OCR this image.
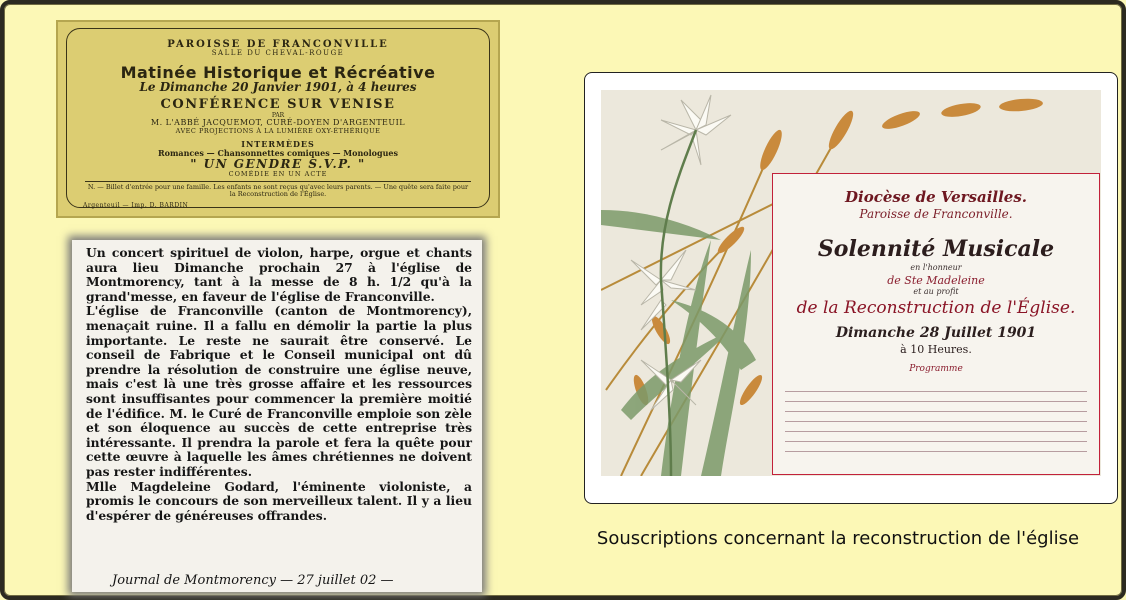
PAROISSE DE FRANCONVILLE
SALLE DU CHEVAL-ROUGE
Matinée Historique et Récréative
Le Dimanche 20 Janvier 1901, à 4 heures
CONFÉRENCE SUR VENISE
PAR
M. L'ABBÉ JACQUEMOT, CURÉ-DOYEN D'ARGENTEUIL
AVEC PROJECTIONS À LA LUMIÈRE OXY-ÉTHÉRIQUE
INTERMÈDES
Romances — Chansonnettes comiques — Monologues
" UN GENDRE S.V.P. "
COMÉDIE EN UN ACTE
N. — Billet d'entrée pour une famille. Les enfants ne sont reçus qu'avec leurs parents. — Une quête sera faite pour la Reconstruction de l'Église.
Argenteuil — Imp. D. BARDIN
Un concert spirituel de violon, harpe, orgue et chants aura lieu Dimanche prochain 27 à l'église de Montmorency, tant à la messe de 8 h. 1/2 qu'à la grand'messe, en faveur de l'église de Franconville.
L'église de Franconville (canton de Montmorency), menaçait ruine. Il a fallu en démolir la partie la plus importante. Le reste ne saurait être conservé. Le conseil de Fabrique et le Conseil municipal ont dû prendre la résolution de construire une église neuve, mais c'est là une très grosse affaire et les ressources sont insuffisantes pour commencer la première moitié de l'édifice. M. le Curé de Franconville emploie son zèle et son éloquence au succès de cette entreprise très intéressante. Il prendra la parole et fera la quête pour cette œuvre à laquelle les âmes chrétiennes ne doivent pas rester indifférentes.
Mlle Magdeleine Godard, l'éminente violoniste, a promis le concours de son merveilleux talent. Il y a lieu d'espérer de généreuses offrandes.
Journal de Montmorency — 27 juillet 02 —
Diocèse de Versailles.
Paroisse de Franconville.
Solennité Musicale
en l'honneur
de Ste Madeleine
et au profit
de la Reconstruction de l'Église.
Dimanche 28 Juillet 1901
à 10 Heures.
Programme
Souscriptions concernant la reconstruction de l'église
